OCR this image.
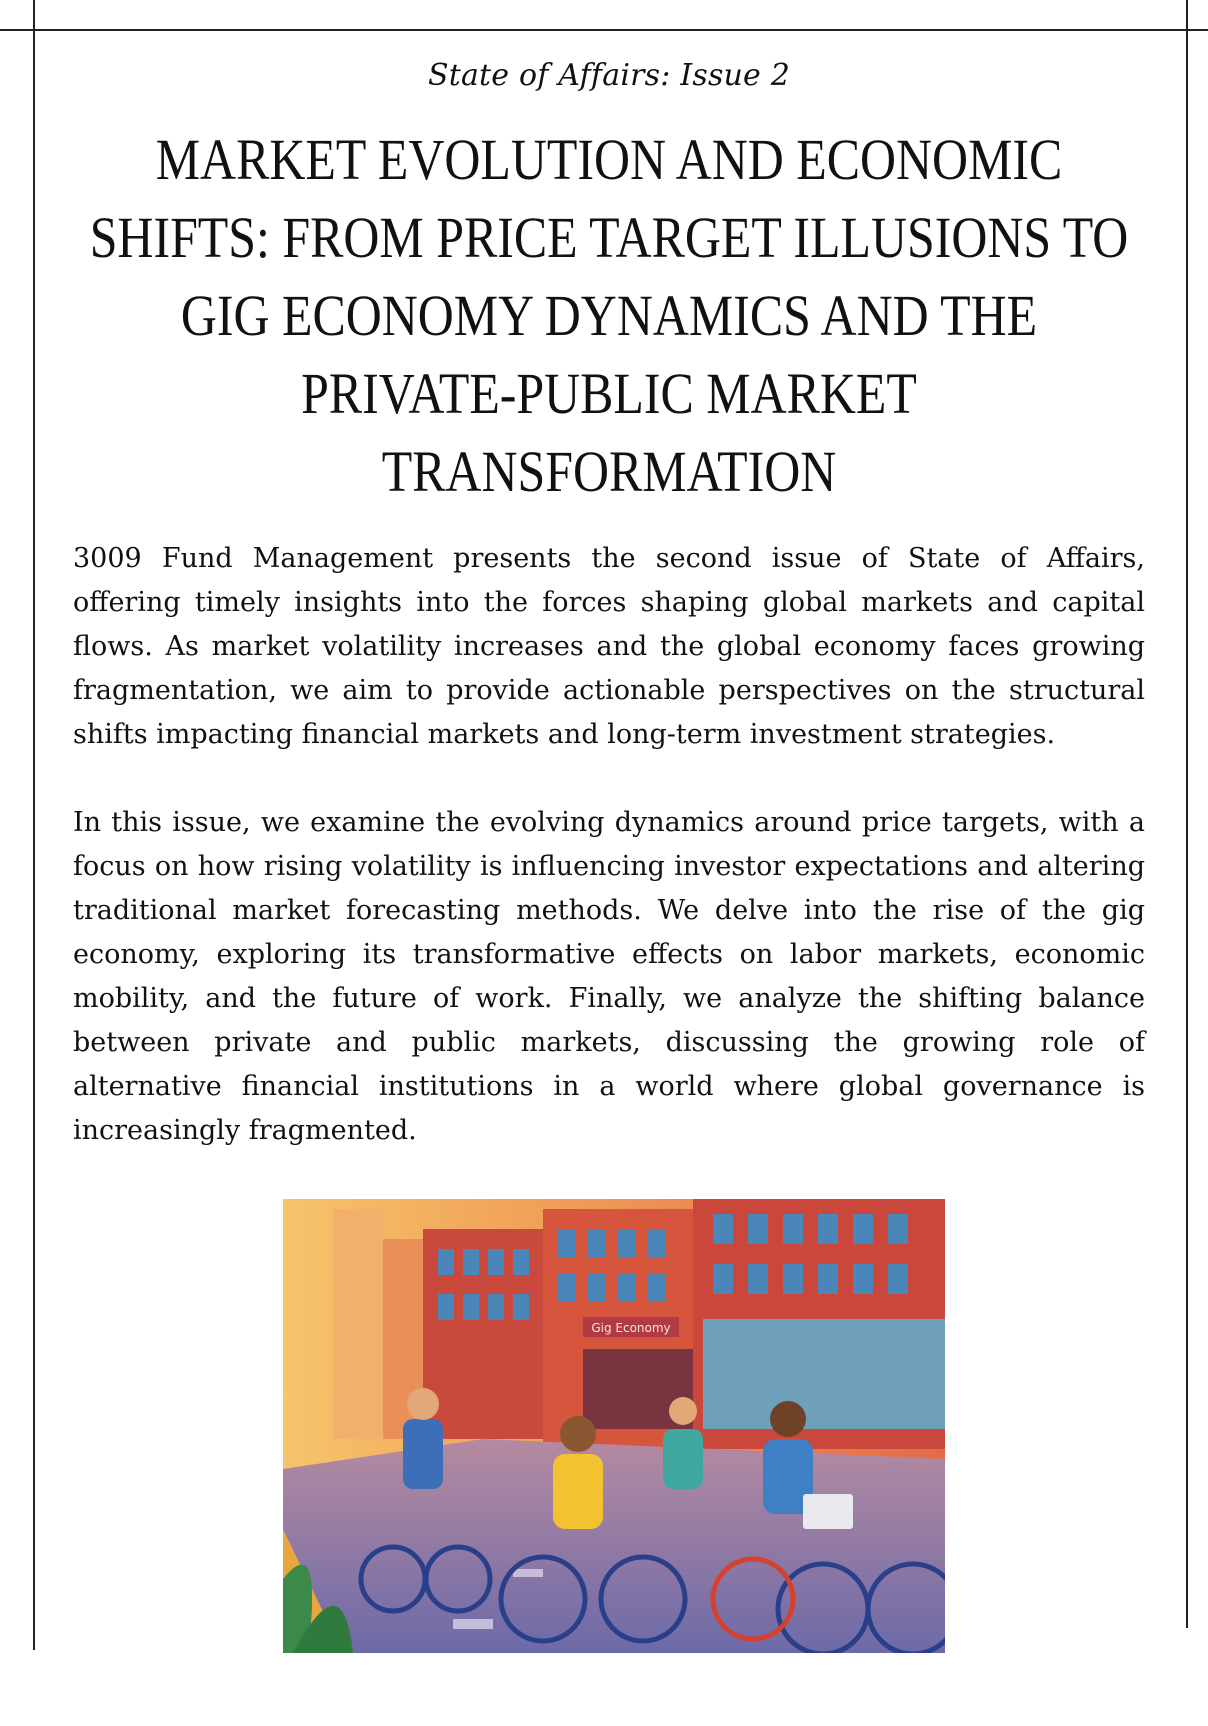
State of Affairs: Issue 2

MARKET EVOLUTION AND ECONOMIC SHIFTS: FROM PRICE TARGET ILLUSIONS TO GIG ECONOMY DYNAMICS AND THE PRIVATE-PUBLIC MARKET TRANSFORMATION

3009 Fund Management presents the second issue of State of Affairs, offering timely insights into the forces shaping global markets and capital flows. As market volatility increases and the global economy faces growing fragmentation, we aim to provide actionable perspectives on the structural shifts impacting financial markets and long-term investment strategies.

In this issue, we examine the evolving dynamics around price targets, with a focus on how rising volatility is influencing investor expectations and altering traditional market forecasting methods. We delve into the rise of the gig economy, exploring its transformative effects on labor markets, economic mobility, and the future of work. Finally, we analyze the shifting balance between private and public markets, discussing the growing role of alternative financial institutions in a world where global governance is increasingly fragmented.

Gig Economy
